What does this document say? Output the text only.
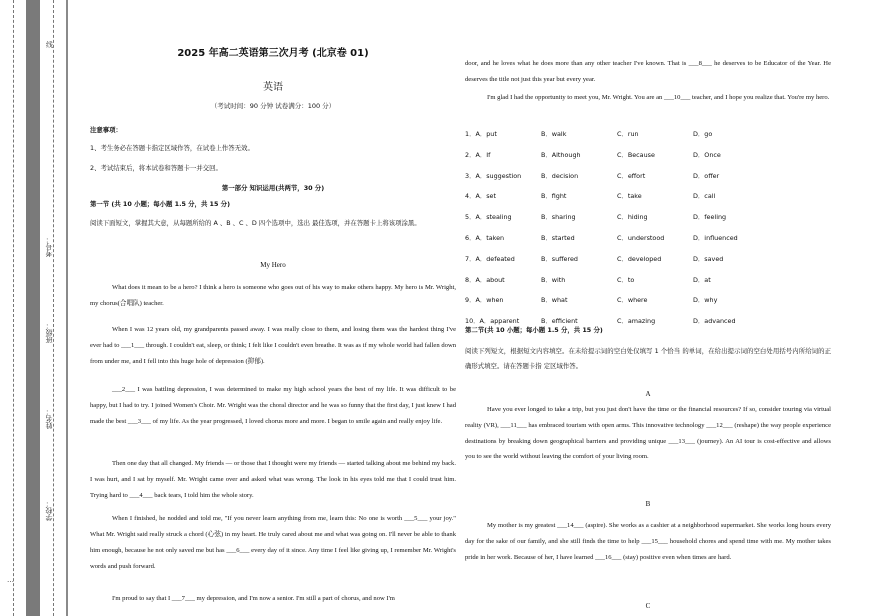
学校：
姓名：
班级：
考号：
线
…
2025 年高二英语第三次月考 (北京卷 01)
英语
（考试时间：90 分钟 试卷满分：100 分）
注意事项：
1、考生务必在答题卡指定区域作答，在试卷上作答无效。
2、考试结束后，将本试卷和答题卡一并交回。
第一部分 知识运用(共两节，30 分)
第一节 (共 10 小题；每小题 1.5 分，共 15 分)
阅读下面短文，掌握其大意，从每题所给的 A 、B 、C 、D 四个选项中，选出 最佳选项，并在答题卡上将该项涂黑。
My Hero
What does it mean to be a hero? I think a hero is someone who goes out of his way to make others happy. My hero is Mr. Wright, my chorus(合唱队) teacher.
When I was 12 years old, my grandparents passed away. I was really close to them, and losing them was the hardest thing I've ever had to ___1___ through. I couldn't eat, sleep, or think; I felt like I couldn't even breathe. It was as if my whole world had fallen down from under me, and I fell into this huge hole of depression (抑郁).
___2___ I was battling depression, I was determined to make my high school years the best of my life. It was difficult to be happy, but I had to try. I joined Women's Choir. Mr. Wright was the choral director and he was so funny that the first day, I just knew I had made the best ___3___ of my life. As the year progressed, I loved chorus more and more. I began to smile again and really enjoy life.
Then one day that all changed. My friends — or those that I thought were my friends — started talking about me behind my back. I was hurt, and I sat by myself. Mr. Wright came over and asked what was wrong. The look in his eyes told me that I could trust him. Trying hard to ___4___ back tears, I told him the whole story.
When I finished, he nodded and told me, "If you never learn anything from me, learn this: No one is worth ___5___ your joy." What Mr. Wright said really struck a chord (心弦) in my heart. He truly cared about me and what was going on. I'll never be able to thank him enough, because he not only saved me but has ___6___ every day of it since. Any time I feel like giving up, I remember Mr. Wright's words and push forward.
I'm proud to say that I ___7___ my depression, and I'm now a senior. I'm still a part of chorus, and now I'm
door, and he loves what he does more than any other teacher I've known. That is ___8___ he deserves to be Educator of the Year. He deserves the title not just this year but every year.
I'm glad I had the opportunity to meet you, Mr. Wright. You are an ___10___ teacher, and I hope you realize that. You're my hero.
1．A．put	B．walk	C．run	D．go
2．A．If	B．Although	C．Because	D．Once
3．A．suggestion	B．decision	C．effort	D．offer
4．A．set	B．fight	C．take	D．call
5．A．stealing	B．sharing	C．hiding	D．feeling
6．A．taken	B．started	C．understood	D．influenced
7．A．defeated	B．suffered	C．developed	D．saved
8．A．about	B．with	C．to	D．at
9．A．when	B．what	C．where	D．why
10．A．apparent	B．efficient	C．amazing	D．advanced
第二节(共 10 小题；每小题 1.5 分，共 15 分)
阅读下列短文，根据短文内容填空。在未给提示词的空白处仅填写 1 个恰当 的单词，在给出提示词的空白处用括号内所给词的正确形式填空。请在答题卡指 定区域作答。
A
Have you ever longed to take a trip, but you just don't have the time or the financial resources? If so, consider touring via virtual reality (VR), ___11___ has embraced tourism with open arms. This innovative technology ___12___ (reshape) the way people experience destinations by breaking down geographical barriers and providing unique ___13___ (journey). An AI tour is cost-effective and allows you to see the world without leaving the comfort of your living room.
B
My mother is my greatest ___14___ (aspire). She works as a cashier at a neighborhood supermarket. She works long hours every day for the sake of our family, and she still finds the time to help ___15___ household chores and spend time with me. My mother takes pride in her work. Because of her, I have learned ___16___ (stay) positive even when times are hard.
C
